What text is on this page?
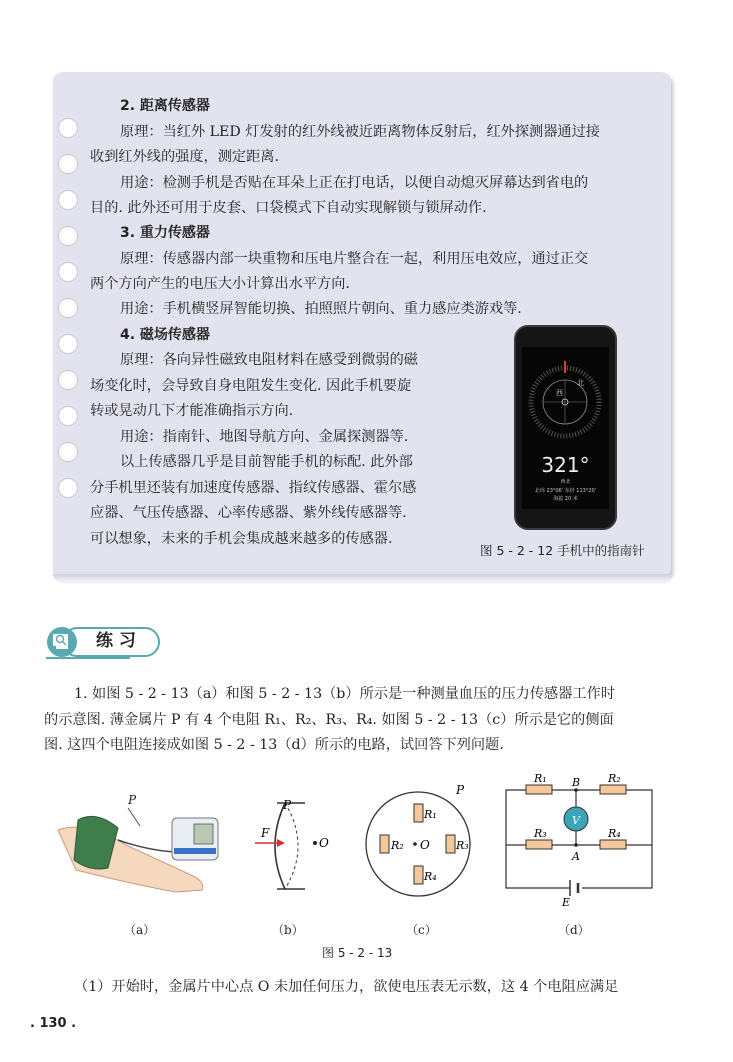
2. 距离传感器
原理：当红外 LED 灯发射的红外线被近距离物体反射后，红外探测器通过接
收到红外线的强度，测定距离.
用途：检测手机是否贴在耳朵上正在打电话，以便自动熄灭屏幕达到省电的
目的. 此外还可用于皮套、口袋模式下自动实现解锁与锁屏动作.
3. 重力传感器
原理：传感器内部一块重物和压电片整合在一起，利用压电效应，通过正交
两个方向产生的电压大小计算出水平方向.
用途：手机横竖屏智能切换、拍照照片朝向、重力感应类游戏等.
4. 磁场传感器
原理：各向异性磁致电阻材料在感受到微弱的磁
场变化时，会导致自身电阻发生变化. 因此手机要旋
转或晃动几下才能准确指示方向.
用途：指南针、地图导航方向、金属探测器等.
以上传感器几乎是目前智能手机的标配. 此外部
分手机里还装有加速度传感器、指纹传感器、霍尔感
应器、气压传感器、心率传感器、紫外线传感器等.
可以想象，未来的手机会集成越来越多的传感器.
西
北
321°
西北
北纬 23°06' 东经 113°20'
海拔 20 米
图 5 - 2 - 12 手机中的指南针
练 习
1. 如图 5 - 2 - 13（a）和图 5 - 2 - 13（b）所示是一种测量血压的压力传感器工作时
的示意图. 薄金属片 P 有 4 个电阻 R₁、R₂、R₃、R₄. 如图 5 - 2 - 13（c）所示是它的侧面
图. 这四个电阻连接成如图 5 - 2 - 13（d）所示的电路，试回答下列问题.
P
F
P
O
P
R₁
R₂ O R₃
R₄
V
R₁	R₂
R₃	R₄
B
A
E
（a）	（b）	（c）	（d）
图 5 - 2 - 13
（1）开始时，金属片中心点 O 未加任何压力，欲使电压表无示数，这 4 个电阻应满足
. 130 .
